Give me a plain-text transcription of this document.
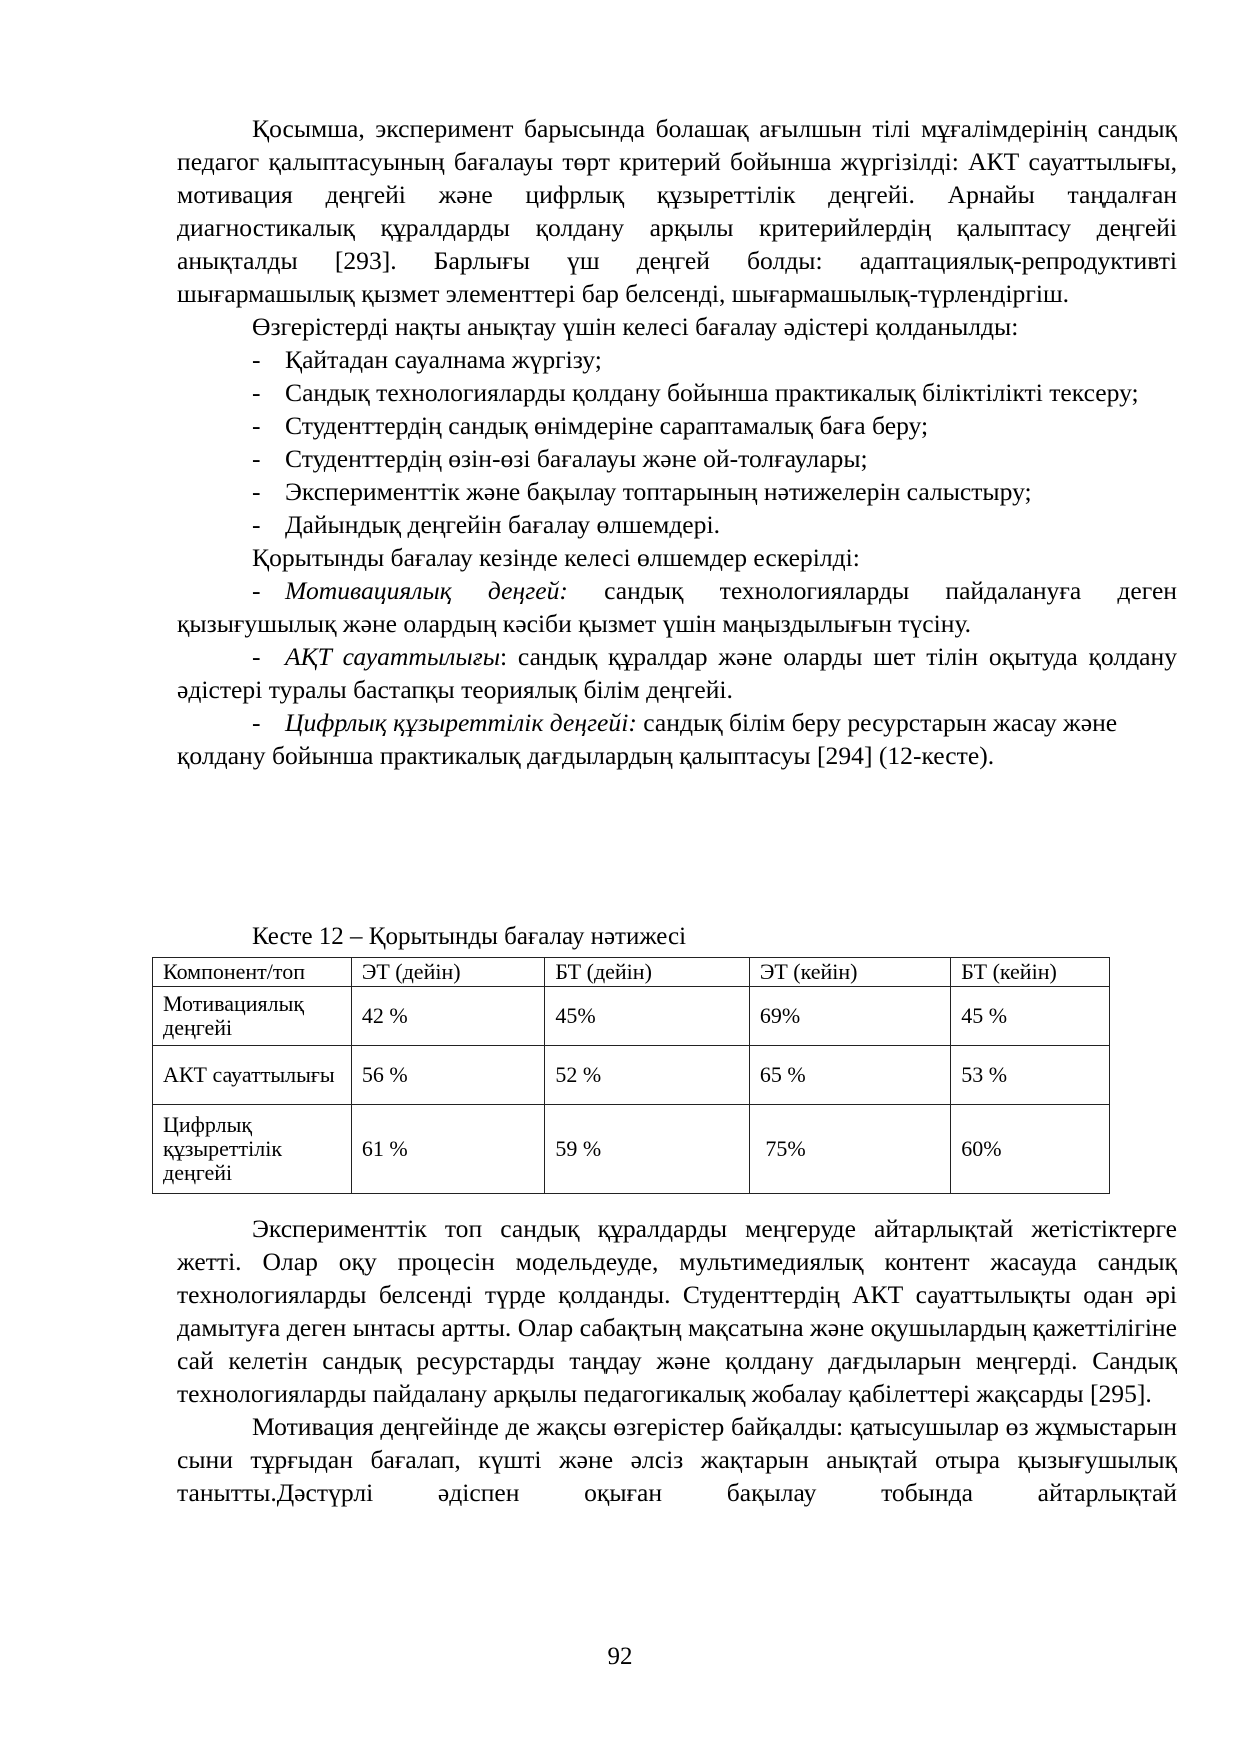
Қосымша, эксперимент барысында болашақ ағылшын тілі мұғалімдерінің сандық педагог қалыптасуының бағалауы төрт критерий бойынша жүргізілді: АКТ сауаттылығы, мотивация деңгейі және цифрлық құзыреттілік деңгейі. Арнайы таңдалған диагностикалық құралдарды қолдану арқылы критерийлердің қалыптасу деңгейі анықталды [293]. Барлығы үш деңгей болды: адаптациялық-репродуктивті шығармашылық қызмет элементтері бар белсенді, шығармашылық-түрлендіргіш.

Өзгерістерді нақты анықтау үшін келесі бағалау әдістері қолданылды:

- Қайтадан сауалнама жүргізу;

- Сандық технологияларды қолдану бойынша практикалық біліктілікті тексеру;

- Студенттердің сандық өнімдеріне сараптамалық баға беру;

- Студенттердің өзін-өзі бағалауы және ой-толғаулары;

- Эксперименттік және бақылау топтарының нәтижелерін салыстыру;

- Дайындық деңгейін бағалау өлшемдері.

Қорытынды бағалау кезінде келесі өлшемдер ескерілді:

- Мотивациялық деңгей: сандық технологияларды пайдалануға деген қызығушылық және олардың кәсіби қызмет үшін маңыздылығын түсіну.

- АҚТ сауаттылығы: сандық құралдар және оларды шет тілін оқытуда қолдану әдістері туралы бастапқы теориялық білім деңгейі.

- Цифрлық құзыреттілік деңгейі: сандық білім беру ресурстарын жасау және қолдану бойынша практикалық дағдылардың қалыптасуы [294] (12-кесте).

Кесте 12 – Қорытынды бағалау нәтижесі
Компонент/топ	ЭТ (дейін)	БТ (дейін)	ЭТ (кейін)	БТ (кейін)
Мотивациялық деңгейі	42 %	45%	69%	45 %
АКТ сауаттылығы	56 %	52 %	65 %	53 %
Цифрлық құзыреттілік деңгейі	61 %	59 %	75%	60%

Эксперименттік топ сандық құралдарды меңгеруде айтарлықтай жетістіктерге жетті. Олар оқу процесін модельдеуде, мультимедиялық контент жасауда сандық технологияларды белсенді түрде қолданды. Студенттердің АКТ сауаттылықты одан әрі дамытуға деген ынтасы артты. Олар сабақтың мақсатына және оқушылардың қажеттілігіне сай келетін сандық ресурстарды таңдау және қолдану дағдыларын меңгерді. Сандық технологияларды пайдалану арқылы педагогикалық жобалау қабілеттері жақсарды [295].

Мотивация деңгейінде де жақсы өзгерістер байқалды: қатысушылар өз жұмыстарын сыни тұрғыдан бағалап, күшті және әлсіз жақтарын анықтай отыра қызығушылық танытты.Дәстүрлі әдіспен оқыған бақылау тобында айтарлықтай

92
